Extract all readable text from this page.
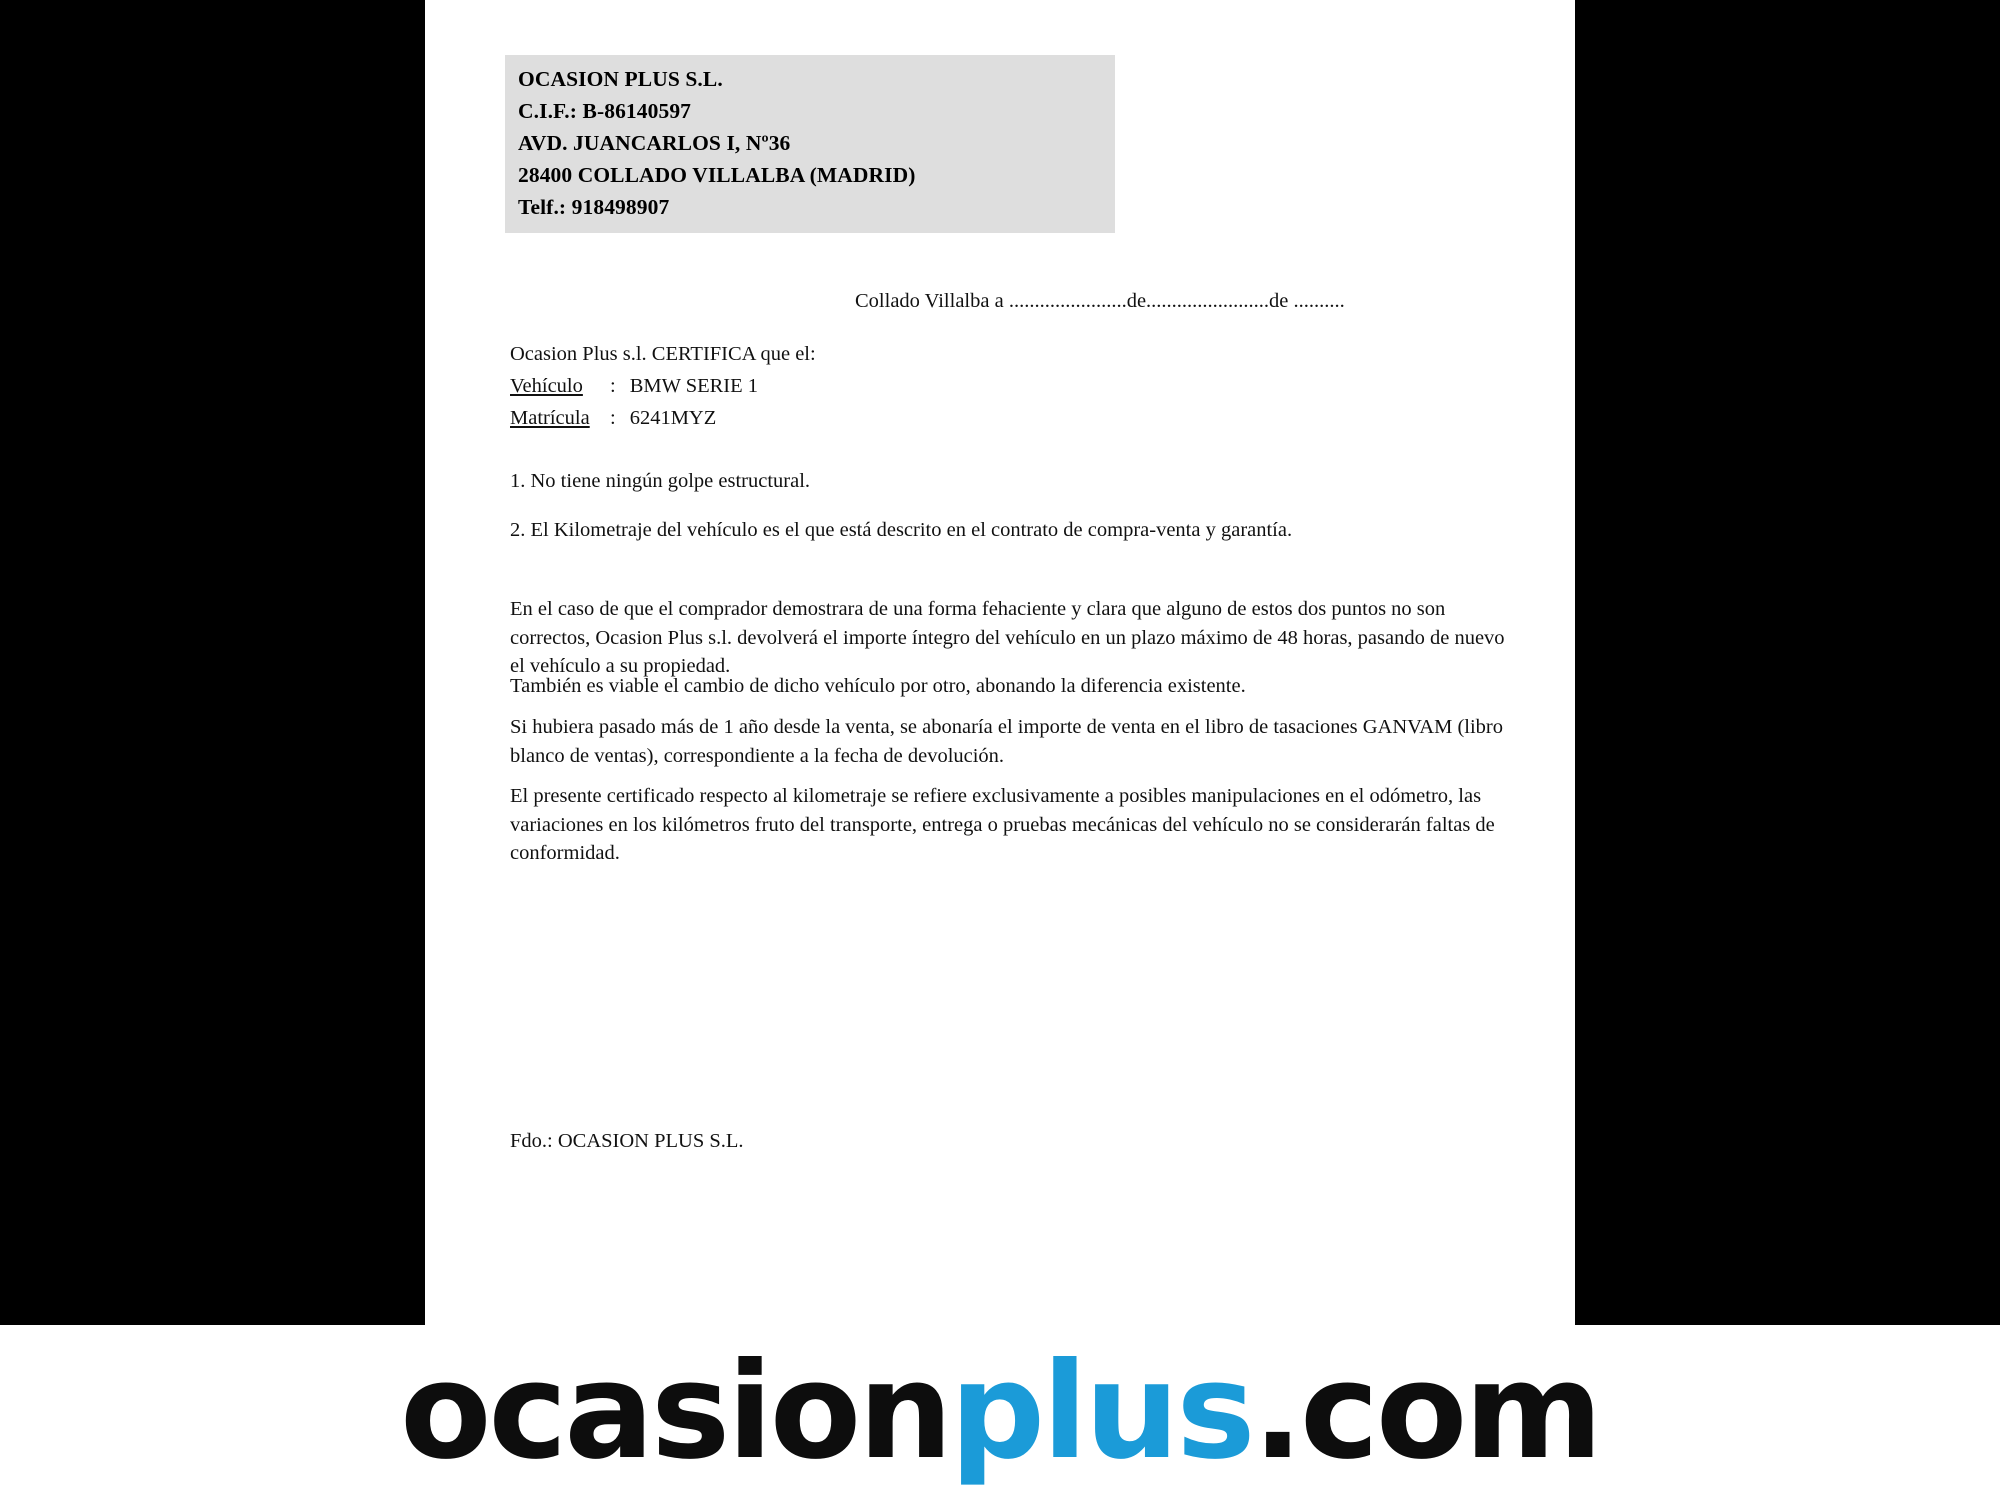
OCASION PLUS S.L.
C.I.F.: B-86140597
AVD. JUANCARLOS I, Nº36
28400 COLLADO VILLALBA (MADRID)
Telf.: 918498907
Collado Villalba a .......................de........................de ..........
Ocasion Plus s.l. CERTIFICA que el:
Vehículo : BMW SERIE 1
Matrícula : 6241MYZ
1. No tiene ningún golpe estructural.
2. El Kilometraje del vehículo es el que está descrito en el contrato de compra-venta y garantía.
En el caso de que el comprador demostrara de una forma fehaciente y clara que alguno de estos dos puntos no son correctos, Ocasion Plus s.l. devolverá el importe íntegro del vehículo en un plazo máximo de 48 horas, pasando de nuevo el vehículo a su propiedad.
También es viable el cambio de dicho vehículo por otro, abonando la diferencia existente.
Si hubiera pasado más de 1 año desde la venta, se abonaría el importe de venta en el libro de tasaciones GANVAM (libro blanco de ventas), correspondiente a la fecha de devolución.
El presente certificado respecto al kilometraje se refiere exclusivamente a posibles manipulaciones en el odómetro, las variaciones en los kilómetros fruto del transporte, entrega o pruebas mecánicas del vehículo no se considerarán faltas de conformidad.
Fdo.: OCASION PLUS S.L.
ocasion plus .com
